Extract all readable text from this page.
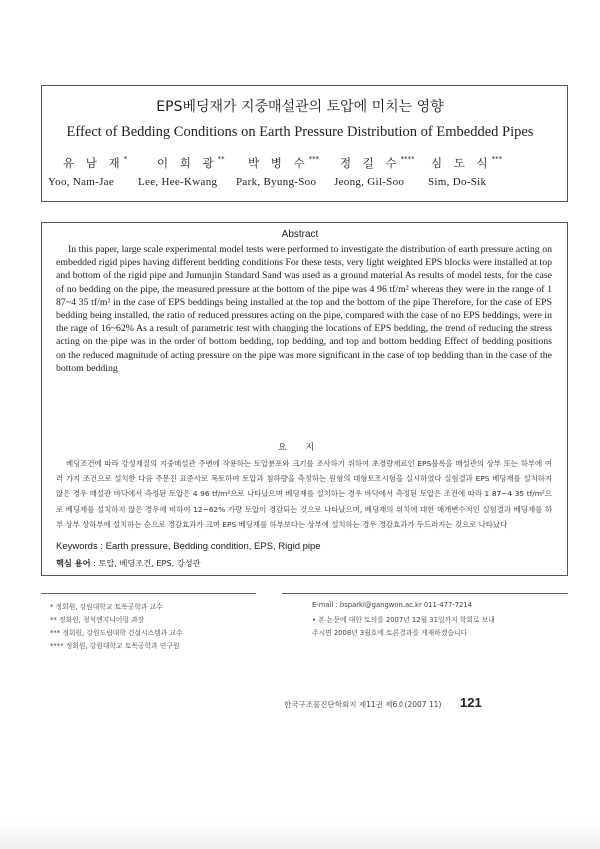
EPS베딩재가 지중매설관의 토압에 미치는 영향
Effect of Bedding Conditions on Earth Pressure Distribution of Embedded Pipes
유 남 재*	이 희 광** 박 병 수*** 정 길 수**** 심 도 식***
Yoo, Nam-Jae Lee, Hee-Kwang Park, Byung-Soo Jeong, Gil-Soo Sim, Do-Sik
Abstract

In this paper, large scale experimental model tests were performed to investigate the distribution of earth pressure acting on embedded rigid pipes having different bedding conditions For these tests, very light weighted EPS blocks were installed at top and bottom of the rigid pipe and Jumunjin Standard Sand was used as a ground material As results of model tests, for the case of no bedding on the pipe, the measured pressure at the bottom of the pipe was 4 96 tf/m² whereas they were in the range of 1 87~4 35 tf/m² in the case of EPS beddings being installed at the top and the bottom of the pipe Therefore, for the case of EPS bedding being installed, the ratio of reduced pressures acting on the pipe, compared with the case of no EPS beddings, were in the rage of 16~62% As a result of parametric test with changing the locations of EPS bedding, the trend of reducing the stress acting on the pipe was in the order of bottom bedding, top bedding, and top and bottom bedding Effect of bedding positions on the reduced magnitude of acting pressure on the pipe was more significant in the case of top bedding than in the case of the bottom bedding

요 지

베딩조건에 따라 강성재질의 지중매설관 주변에 작용하는 토압분포와 크기를 조사하기 위하여 초경량재료인 EPS블록을 매설관의 상부 또는 하부에 여러 가지 조건으로 설치한 다음 주문진 표준사로 복토하여 토압과 침하량을 측정하는 원형의 대형토조시험을 실시하였다 실험결과 EPS 베딩재를 설치하지 않은 경우 매설관 바닥에서 측정된 토압은 4 96 tf/m²으로 나타났으며 베딩재를 설치하는 경우 바닥에서 측정된 토압은 조건에 따라 1 87~4 35 tf/m²으로 베딩재를 설치하지 않은 경우에 비하여 12~62% 가량 토압이 경감되는 것으로 나타났으며, 베딩재의 위치에 대한 매개변수적인 실험결과 베딩재를 하부 상부 상하부에 설치하는 순으로 경감효과가 크며 EPS 베딩재를 하부보다는 상부에 설치하는 경우 경감효과가 두드러지는 것으로 나타났다

Keywords : Earth pressure, Bedding condition, EPS, Rigid pipe
핵심 용어 : 토압, 베딩조건, EPS, 강성관
* 정회원, 강원대학교 토목공학과 교수
** 정회원, 청석엔지니어링 과장
*** 정회원, 강원도립대학 건설시스템과 교수
**** 정회원, 강원대학교 토목공학과 연구원
E-mail : bsparkl@gangwon.ac.kr 011-477-7214
• 본 논문에 대한 토의를 2007년 12월 31일까지 학회로 보내
주시면 2008년 3월호에 토론결과를 게재하겠습니다
한국구조물진단학회지 제11권 제6호(2007 11) 121
